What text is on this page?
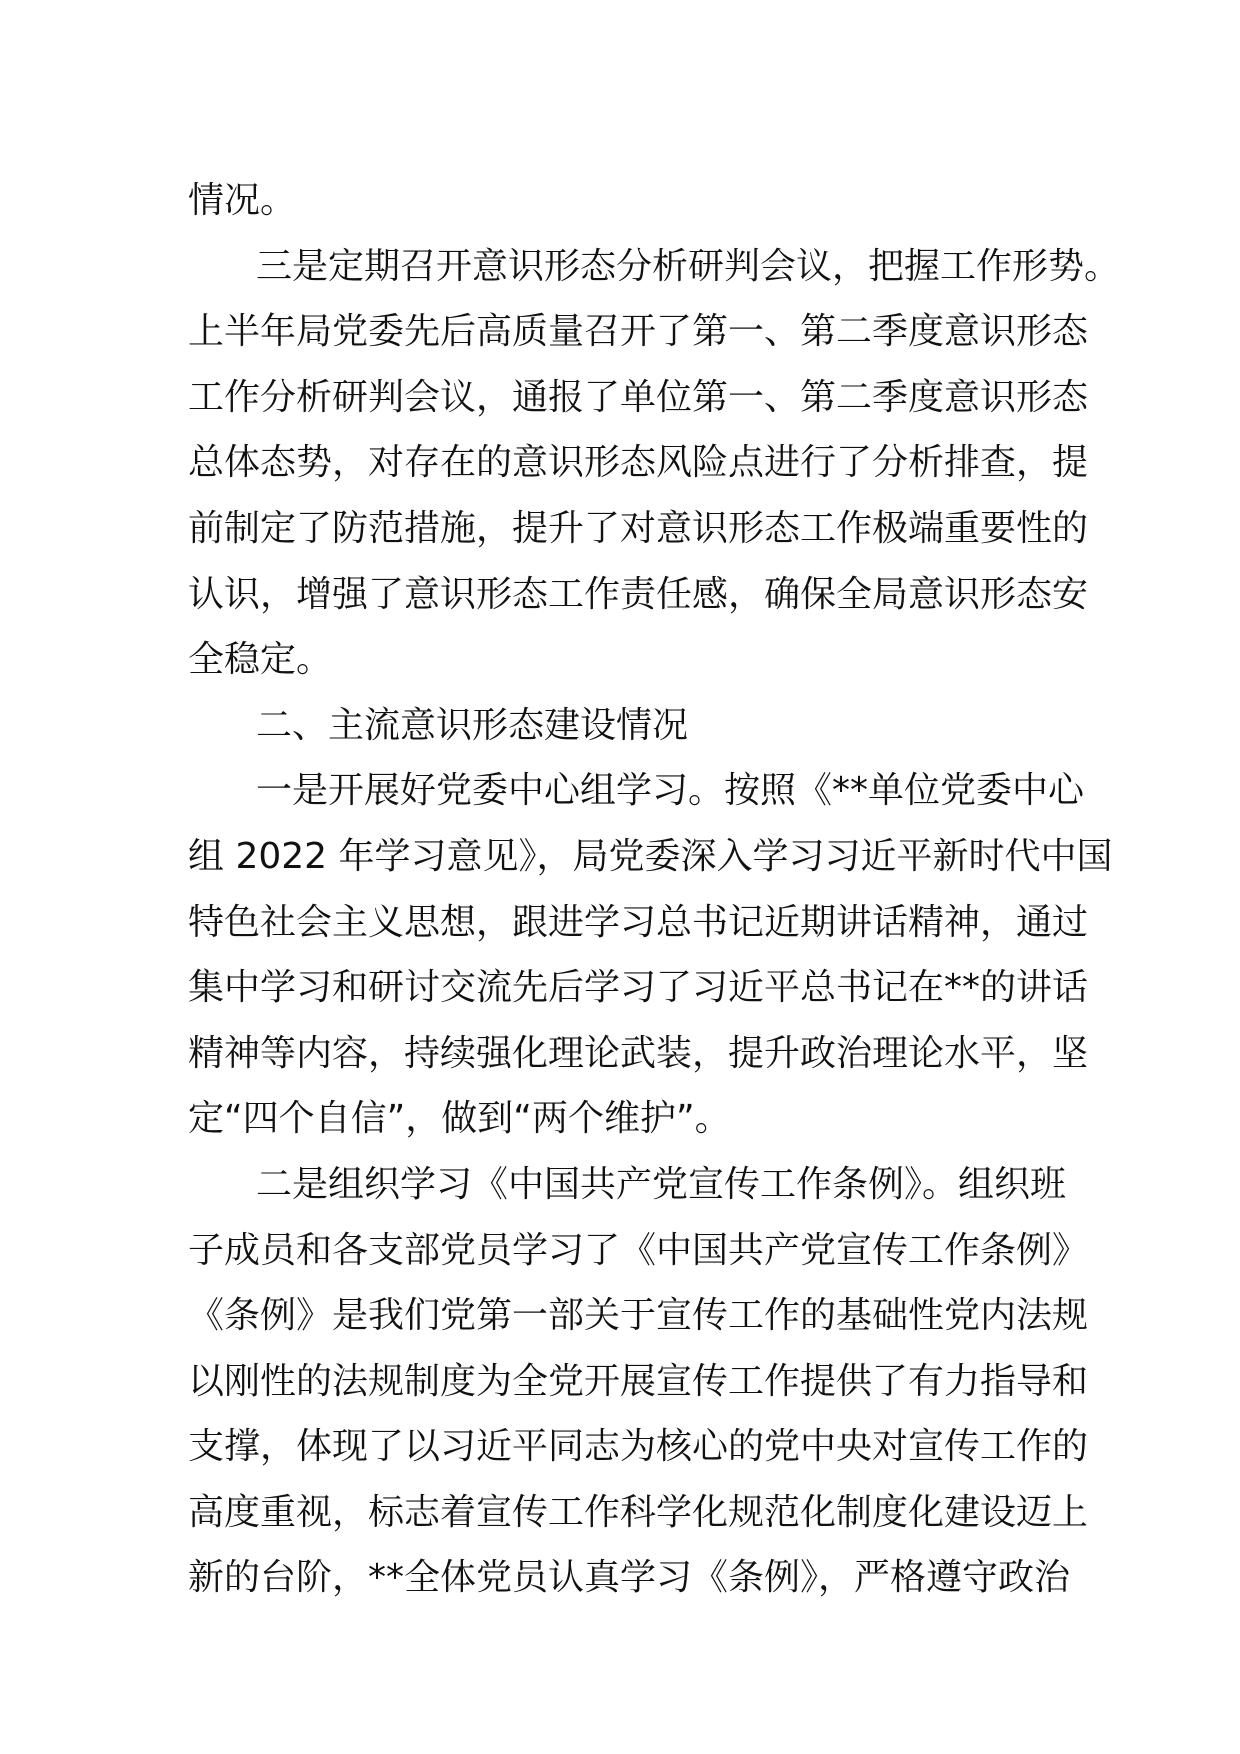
情况。
三是定期召开意识形态分析研判会议，把握工作形势。
上半年局党委先后高质量召开了第一、第二季度意识形态
工作分析研判会议，通报了单位第一、第二季度意识形态
总体态势，对存在的意识形态风险点进行了分析排查，提
前制定了防范措施，提升了对意识形态工作极端重要性的
认识，增强了意识形态工作责任感，确保全局意识形态安
全稳定。
二、主流意识形态建设情况
一是开展好党委中心组学习。按照《**单位党委中心
组 2022 年学习意见》，局党委深入学习习近平新时代中国
特色社会主义思想，跟进学习总书记近期讲话精神，通过
集中学习和研讨交流先后学习了习近平总书记在**的讲话
精神等内容，持续强化理论武装，提升政治理论水平，坚
定“四个自信”，做到“两个维护”。
二是组织学习《中国共产党宣传工作条例》。组织班
子成员和各支部党员学习了《中国共产党宣传工作条例》
《条例》是我们党第一部关于宣传工作的基础性党内法规
以刚性的法规制度为全党开展宣传工作提供了有力指导和
支撑，体现了以习近平同志为核心的党中央对宣传工作的
高度重视，标志着宣传工作科学化规范化制度化建设迈上
新的台阶，**全体党员认真学习《条例》，严格遵守政治
